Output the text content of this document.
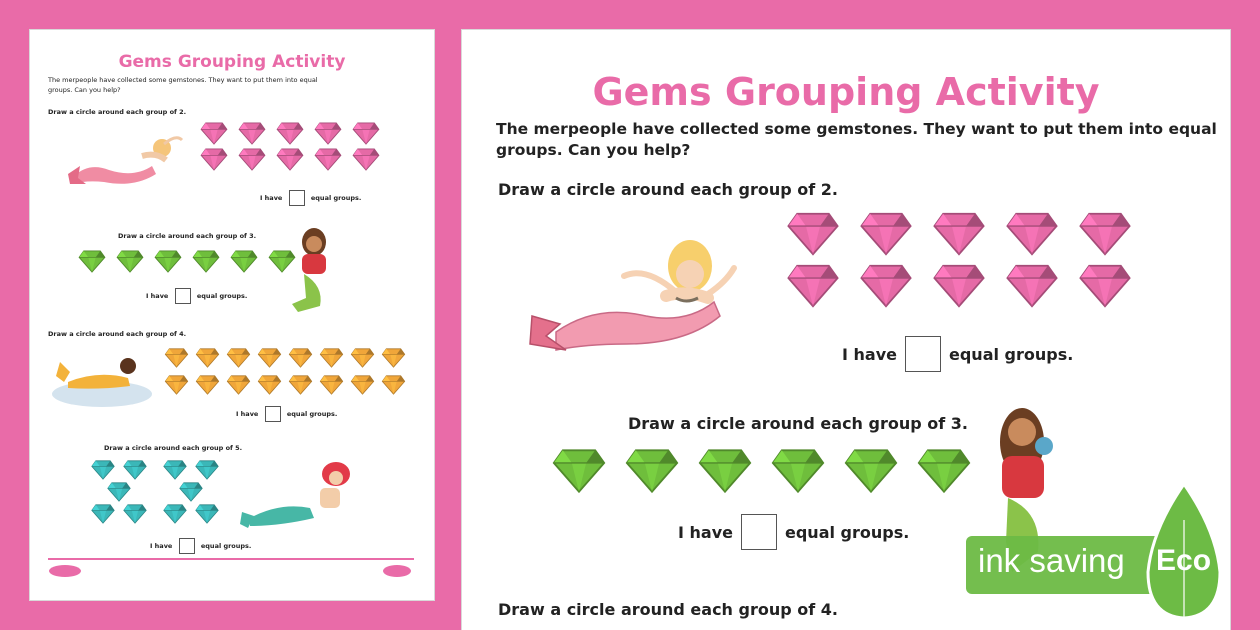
Gems Grouping Activity
The merpeople have collected some gemstones. They want to put them into equal
groups. Can you help?
Draw a circle around each group of 2.
I have	equal groups.
Draw a circle around each group of 3.
I have	equal groups.
Draw a circle around each group of 4.
I have	equal groups.
Draw a circle around each group of 5.
I have	equal groups.
Gems Grouping Activity
The merpeople have collected some gemstones. They want to put them into equal
groups. Can you help?
Draw a circle around each group of 2.
I have	equal groups.
Draw a circle around each group of 3.
I have	equal groups.
Draw a circle around each group of 4.
ink saving Eco
